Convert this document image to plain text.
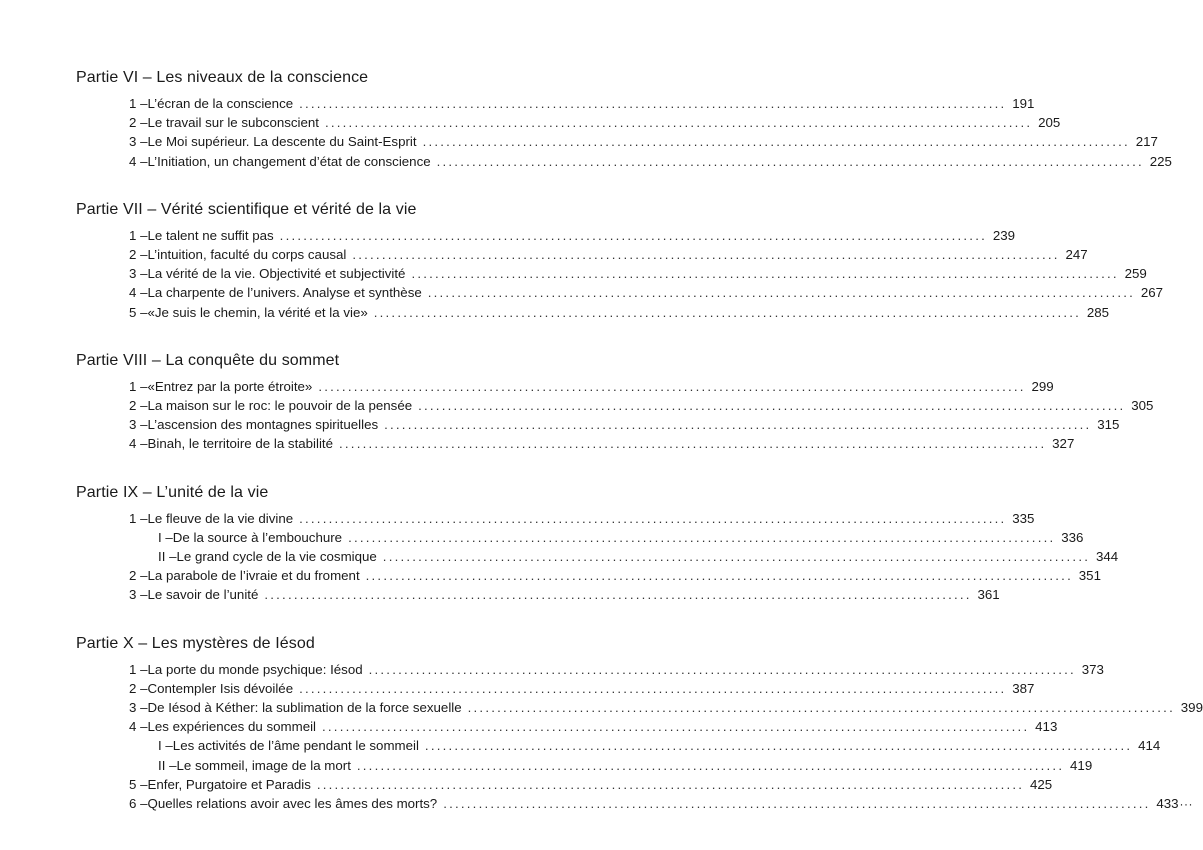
Partie VI – Les niveaux de la conscience
1 – L’écran de la conscience ........................................................................................................................ 191
2 – Le travail sur le subconscient ........................................................................................................................ 205
3 – Le Moi supérieur. La descente du Saint-Esprit ........................................................................................................................ 217
4 – L’Initiation, un changement d’état de conscience ........................................................................................................................ 225
Partie VII – Vérité scientifique et vérité de la vie
1 – Le talent ne suffit pas ........................................................................................................................ 239
2 – L’intuition, faculté du corps causal ........................................................................................................................ 247
3 – La vérité de la vie. Objectivité et subjectivité ........................................................................................................................ 259
4 – La charpente de l’univers. Analyse et synthèse ........................................................................................................................ 267
5 – «Je suis le chemin, la vérité et la vie» ........................................................................................................................ 285
Partie VIII – La conquête du sommet
1 – «Entrez par la porte étroite» ........................................................................................................................ 299
2 – La maison sur le roc: le pouvoir de la pensée ........................................................................................................................ 305
3 – L’ascension des montagnes spirituelles ........................................................................................................................ 315
4 – Binah, le territoire de la stabilité ........................................................................................................................ 327
Partie IX – L’unité de la vie
1 – Le fleuve de la vie divine ........................................................................................................................ 335
I – De la source à l’embouchure ........................................................................................................................ 336
II – Le grand cycle de la vie cosmique ........................................................................................................................ 344
2 – La parabole de l’ivraie et du froment ........................................................................................................................ 351
3 – Le savoir de l’unité ........................................................................................................................ 361
Partie X – Les mystères de Iésod
1 – La porte du monde psychique: Iésod ........................................................................................................................ 373
2 – Contempler Isis dévoilée ........................................................................................................................ 387
3 – De Iésod à Kéther: la sublimation de la force sexuelle ........................................................................................................................ 399
4 – Les expériences du sommeil ........................................................................................................................ 413
I – Les activités de l’âme pendant le sommeil ........................................................................................................................ 414
II – Le sommeil, image de la mort ........................................................................................................................ 419
5 – Enfer, Purgatoire et Paradis ........................................................................................................................ 425
6 – Quelles relations avoir avec les âmes des morts? ........................................................................................................................ 433 ···
